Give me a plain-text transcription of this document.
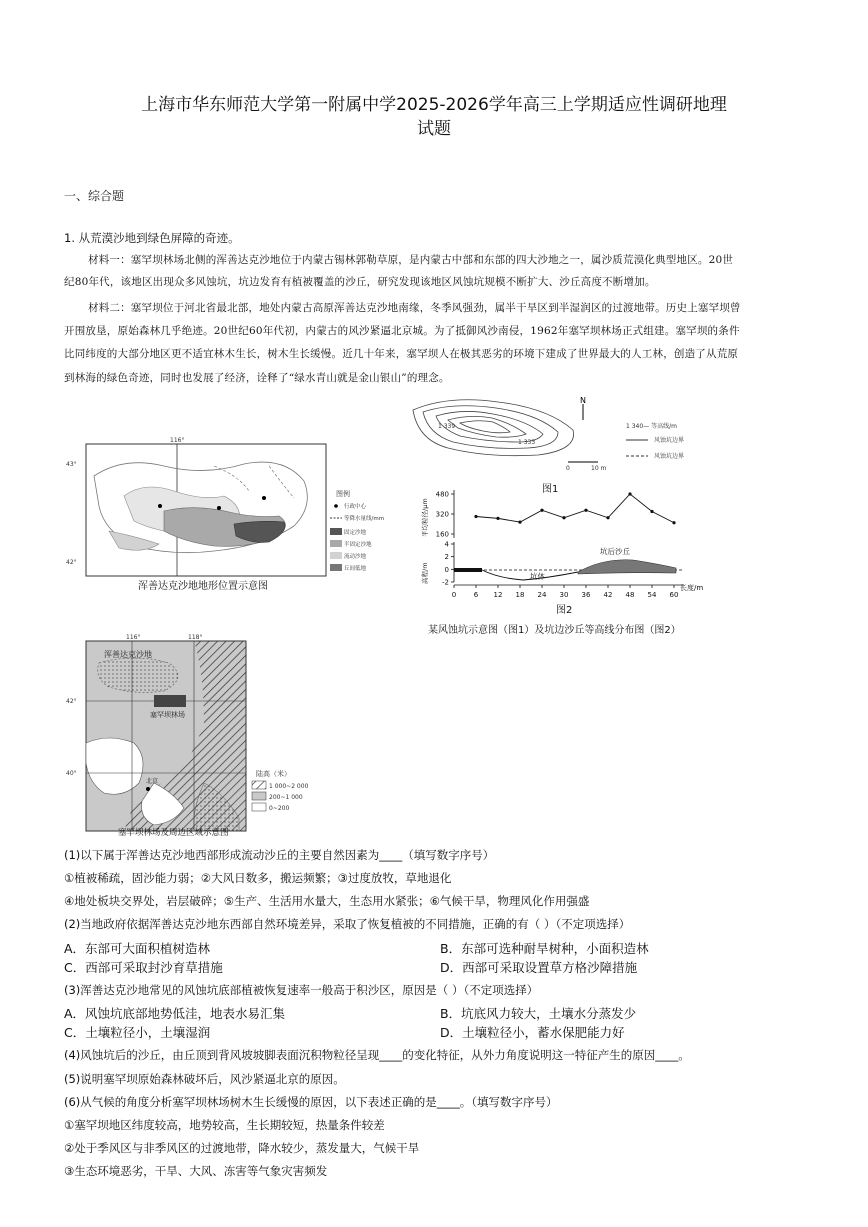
上海市华东师范大学第一附属中学2025-2026学年高三上学期适应性调研地理
试题
一、综合题
1. 从荒漠沙地到绿色屏障的奇迹。
材料一：塞罕坝林场北侧的浑善达克沙地位于内蒙古锡林郭勒草原，是内蒙古中部和东部的四大沙地之一，属沙质荒漠化典型地区。20世
纪80年代，该地区出现众多风蚀坑，坑边发育有植被覆盖的沙丘，研究发现该地区风蚀坑规模不断扩大、沙丘高度不断增加。
材料二：塞罕坝位于河北省最北部，地处内蒙古高原浑善达克沙地南缘，冬季风强劲，属半干旱区到半湿润区的过渡地带。历史上塞罕坝曾
开围放垦，原始森林几乎绝迹。20世纪60年代初，内蒙古的风沙紧逼北京城。为了抵御风沙南侵，1962年塞罕坝林场正式组建。塞罕坝的条件
比同纬度的大部分地区更不适宜林木生长，树木生长缓慢。近几十年来，塞罕坝人在极其恶劣的环境下建成了世界最大的人工林，创造了从荒原
到林海的绿色奇迹，同时也发展了经济，诠释了“绿水青山就是金山银山”的理念。
116°
43°
42°
图例
行政中心
等降水量线/mm
固定沙地
半固定沙地
流动沙地
丘间低地
浑善达克沙地地形位置示意图
1 339
1 333
N
1 340— 等高线/m
风蚀坑边界
风蚀坑边界
0	10 m
图1
平均粒径/μm
高程/m
坑后沙丘
坑体
长度/m
480
320
160
4
2
0
-2
0	6 12 18 24 30 36 42 48 54 60
图2
某风蚀坑示意图（图1）及坑边沙丘等高线分布图（图2）
116°	118°
42°
40°
浑善达克沙地
塞罕坝林场
北京
陆高（米）
1 000~2 000
200~1 000
0~200
塞罕坝林场及周边区域示意图
(1)以下属于浑善达克沙地西部形成流动沙丘的主要自然因素为____（填写数字序号）
①植被稀疏，固沙能力弱；②大风日数多，搬运频繁；③过度放牧，草地退化
④地处板块交界处，岩层破碎；⑤生产、生活用水量大，生态用水紧张；⑥气候干旱，物理风化作用强盛
(2)当地政府依据浑善达克沙地东西部自然环境差异，采取了恢复植被的不同措施，正确的有（ ）（不定项选择）
A．东部可大面积植树造林	B．东部可选种耐旱树种，小面积造林
C．西部可采取封沙育草措施	D．西部可采取设置草方格沙障措施
(3)浑善达克沙地常见的风蚀坑底部植被恢复速率一般高于积沙区，原因是（ ）（不定项选择）
A．风蚀坑底部地势低洼，地表水易汇集	B．坑底风力较大，土壤水分蒸发少
C．土壤粒径小，土壤湿润	D．土壤粒径小，蓄水保肥能力好
(4)风蚀坑后的沙丘，由丘顶到背风坡坡脚表面沉积物粒径呈现____的变化特征，从外力角度说明这一特征产生的原因____。
(5)说明塞罕坝原始森林破坏后，风沙紧逼北京的原因。
(6)从气候的角度分析塞罕坝林场树木生长缓慢的原因，以下表述正确的是____。（填写数字序号）
①塞罕坝地区纬度较高，地势较高，生长期较短，热量条件较差
②处于季风区与非季风区的过渡地带，降水较少，蒸发量大，气候干旱
③生态环境恶劣，干旱、大风、冻害等气象灾害频发
